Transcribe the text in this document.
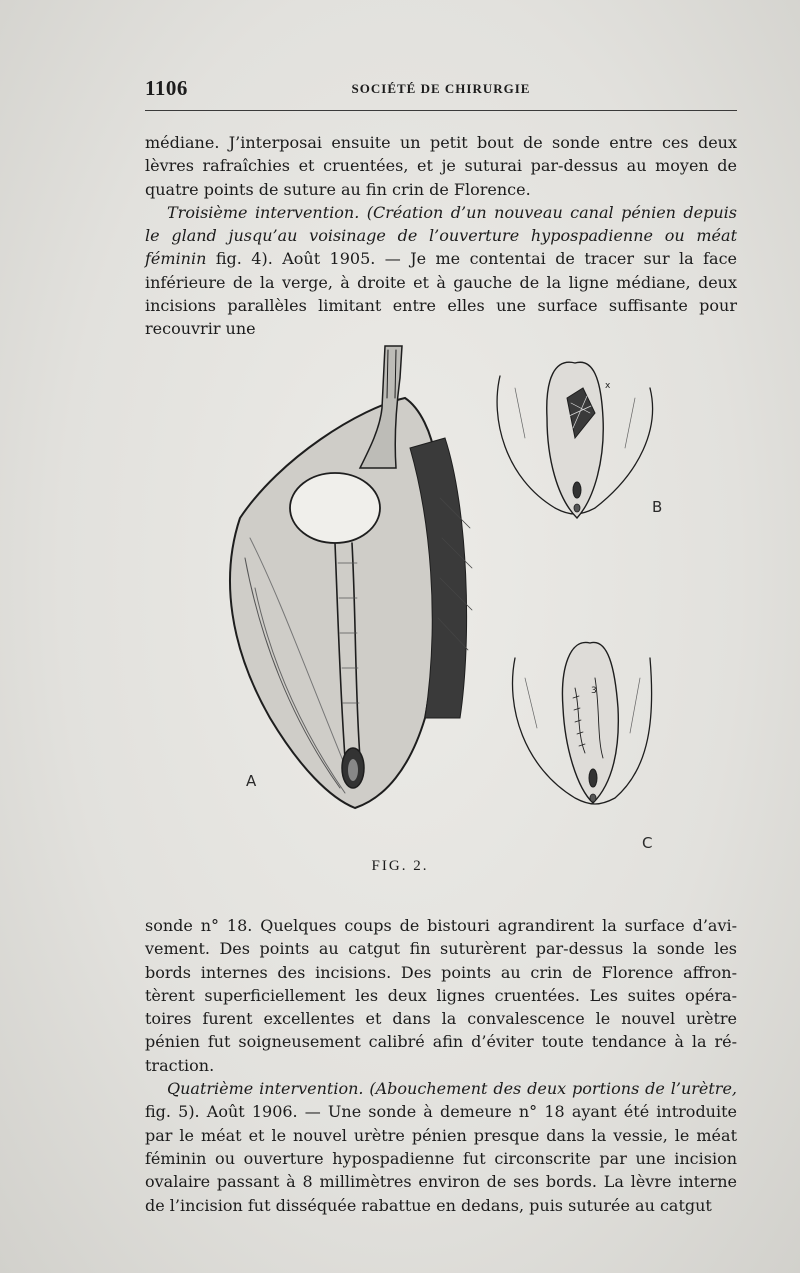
1106	SOCIÉTÉ DE CHIRURGIE

médiane. J’interposai ensuite un petit bout de sonde entre ces deux lèvres rafraîchies et cruentées, et je suturai par-dessus au moyen de quatre points de suture au fin crin de Florence.

Troisième intervention. (Création d’un nouveau canal pénien depuis le gland jusqu’au voisinage de l’ouverture hypospadienne ou méat féminin fig. 4). Août 1905. — Je me contentai de tracer sur la face inférieure de la verge, à droite et à gauche de la ligne médiane, deux incisions parallèles limitant entre elles une surface suffisante pour recouvrir une

x
3
A
B
C
FIG. 2.

sonde n° 18. Quelques coups de bistouri agrandirent la surface d’avi- vement. Des points au catgut fin suturèrent par-dessus la sonde les bords internes des incisions. Des points au crin de Florence affron- tèrent superficiellement les deux lignes cruentées. Les suites opéra- toires furent excellentes et dans la convalescence le nouvel urètre pénien fut soigneusement calibré afin d’éviter toute tendance à la ré- traction.

Quatrième intervention. (Abouchement des deux portions de l’urètre, fig. 5). Août 1906. — Une sonde à demeure n° 18 ayant été introduite par le méat et le nouvel urètre pénien presque dans la vessie, le méat féminin ou ouverture hypospadienne fut circonscrite par une incision ovalaire passant à 8 millimètres environ de ses bords. La lèvre interne de l’incision fut disséquée rabattue en dedans, puis suturée au catgut
